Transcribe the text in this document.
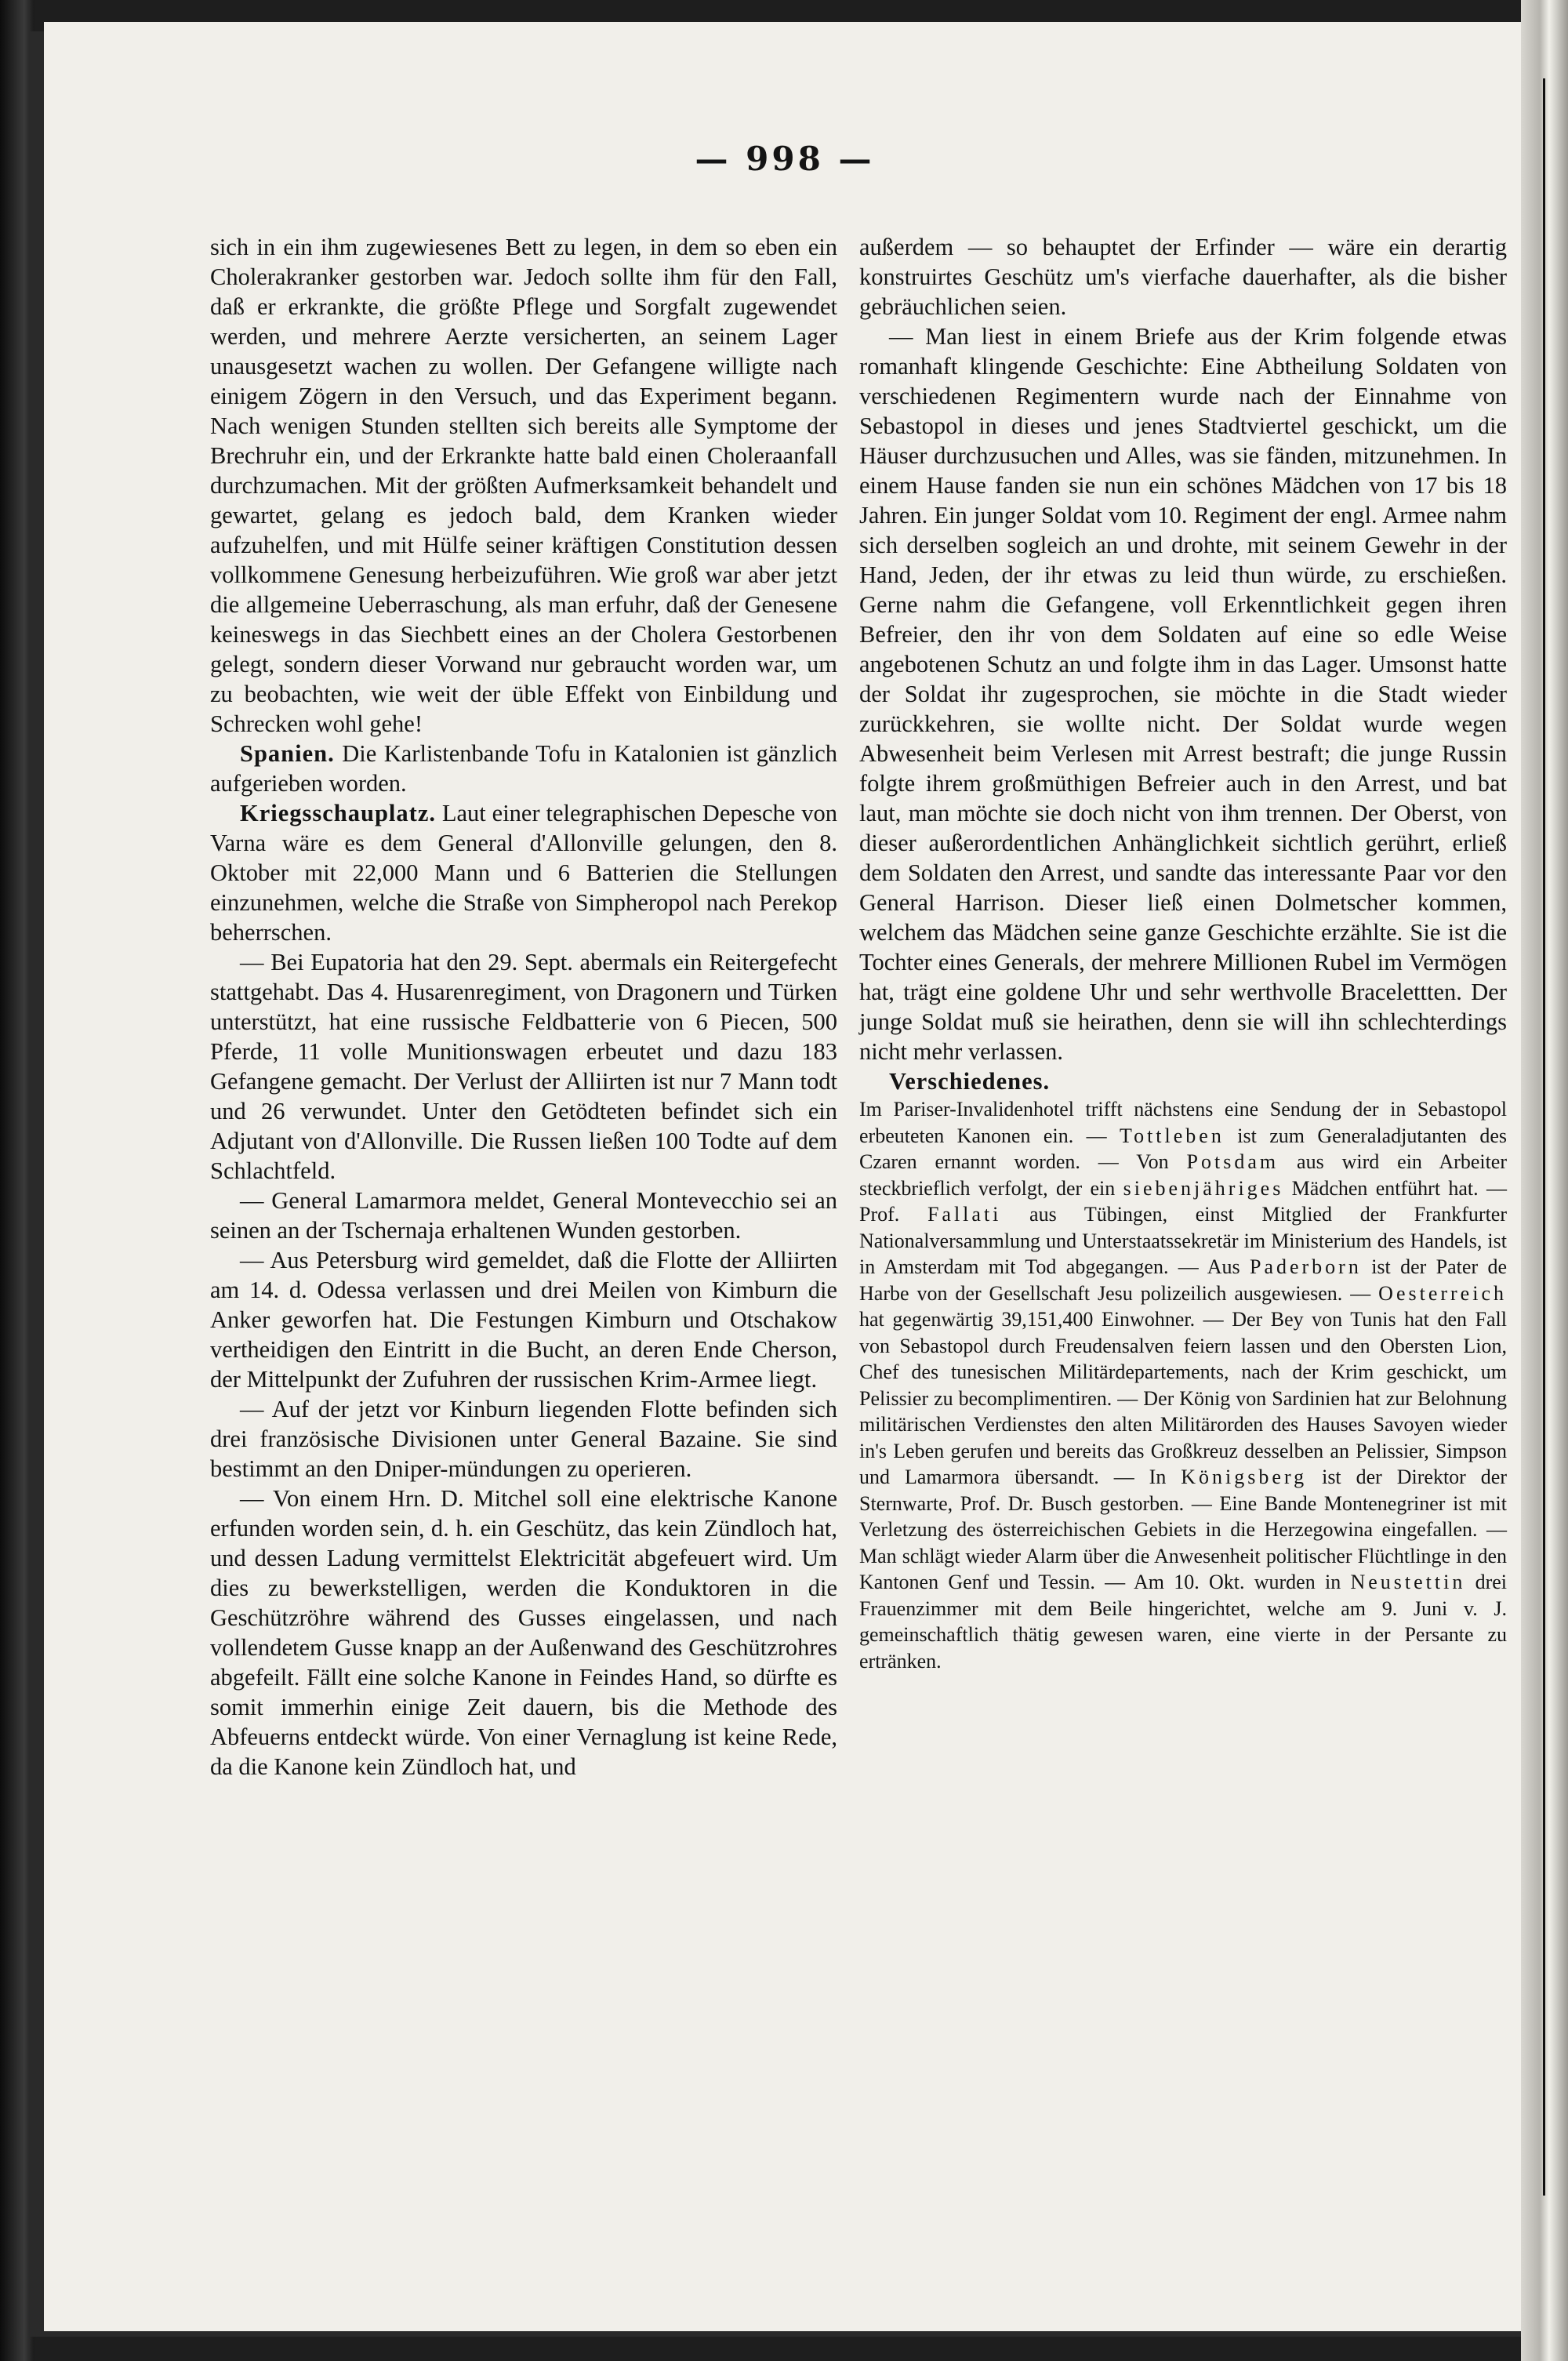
— 998 —

sich in ein ihm zugewiesenes Bett zu legen, in dem so eben ein Cholerakranker gestorben war. Jedoch sollte ihm für den Fall, daß er erkrankte, die größte Pflege und Sorgfalt zugewendet werden, und mehrere Aerzte versicherten, an seinem Lager unausgesetzt wachen zu wollen. Der Gefangene willigte nach einigem Zögern in den Versuch, und das Experiment begann. Nach wenigen Stunden stellten sich bereits alle Symptome der Brechruhr ein, und der Erkrankte hatte bald einen Choleraanfall durchzumachen. Mit der größten Aufmerksamkeit behandelt und gewartet, gelang es jedoch bald, dem Kranken wieder aufzuhelfen, und mit Hülfe seiner kräftigen Constitution dessen vollkommene Genesung herbeizuführen. Wie groß war aber jetzt die allgemeine Ueberraschung, als man erfuhr, daß der Genesene keineswegs in das Siechbett eines an der Cholera Gestorbenen gelegt, sondern dieser Vorwand nur gebraucht worden war, um zu beobachten, wie weit der üble Effekt von Einbildung und Schrecken wohl gehe!

Spanien. Die Karlistenbande Tofu in Katalonien ist gänzlich aufgerieben worden.

Kriegsschauplatz. Laut einer telegraphischen Depesche von Varna wäre es dem General d'Allonville gelungen, den 8. Oktober mit 22,000 Mann und 6 Batterien die Stellungen einzunehmen, welche die Straße von Simpheropol nach Perekop beherrschen.

— Bei Eupatoria hat den 29. Sept. abermals ein Reitergefecht stattgehabt. Das 4. Husarenregiment, von Dragonern und Türken unterstützt, hat eine russische Feldbatterie von 6 Piecen, 500 Pferde, 11 volle Munitionswagen erbeutet und dazu 183 Gefangene gemacht. Der Verlust der Alliirten ist nur 7 Mann todt und 26 verwundet. Unter den Getödteten befindet sich ein Adjutant von d'Allonville. Die Russen ließen 100 Todte auf dem Schlachtfeld.

— General Lamarmora meldet, General Montevecchio sei an seinen an der Tschernaja erhaltenen Wunden gestorben.

— Aus Petersburg wird gemeldet, daß die Flotte der Alliirten am 14. d. Odessa verlassen und drei Meilen von Kimburn die Anker geworfen hat. Die Festungen Kimburn und Otschakow vertheidigen den Eintritt in die Bucht, an deren Ende Cherson, der Mittelpunkt der Zufuhren der russischen Krim-Armee liegt.

— Auf der jetzt vor Kinburn liegenden Flotte befinden sich drei französische Divisionen unter General Bazaine. Sie sind bestimmt an den Dniper-mündungen zu operieren.

— Von einem Hrn. D. Mitchel soll eine elektrische Kanone erfunden worden sein, d. h. ein Geschütz, das kein Zündloch hat, und dessen Ladung vermittelst Elektricität abgefeuert wird. Um dies zu bewerkstelligen, werden die Konduktoren in die Geschützröhre während des Gusses eingelassen, und nach vollendetem Gusse knapp an der Außenwand des Geschützrohres abgefeilt. Fällt eine solche Kanone in Feindes Hand, so dürfte es somit immerhin einige Zeit dauern, bis die Methode des Abfeuerns entdeckt würde. Von einer Vernaglung ist keine Rede, da die Kanone kein Zündloch hat, und

außerdem — so behauptet der Erfinder — wäre ein derartig konstruirtes Geschütz um's vierfache dauerhafter, als die bisher gebräuchlichen seien.

— Man liest in einem Briefe aus der Krim folgende etwas romanhaft klingende Geschichte: Eine Abtheilung Soldaten von verschiedenen Regimentern wurde nach der Einnahme von Sebastopol in dieses und jenes Stadtviertel geschickt, um die Häuser durchzusuchen und Alles, was sie fänden, mitzunehmen. In einem Hause fanden sie nun ein schönes Mädchen von 17 bis 18 Jahren. Ein junger Soldat vom 10. Regiment der engl. Armee nahm sich derselben sogleich an und drohte, mit seinem Gewehr in der Hand, Jeden, der ihr etwas zu leid thun würde, zu erschießen. Gerne nahm die Gefangene, voll Erkenntlichkeit gegen ihren Befreier, den ihr von dem Soldaten auf eine so edle Weise angebotenen Schutz an und folgte ihm in das Lager. Umsonst hatte der Soldat ihr zugesprochen, sie möchte in die Stadt wieder zurückkehren, sie wollte nicht. Der Soldat wurde wegen Abwesenheit beim Verlesen mit Arrest bestraft; die junge Russin folgte ihrem großmüthigen Befreier auch in den Arrest, und bat laut, man möchte sie doch nicht von ihm trennen. Der Oberst, von dieser außerordentlichen Anhänglichkeit sichtlich gerührt, erließ dem Soldaten den Arrest, und sandte das interessante Paar vor den General Harrison. Dieser ließ einen Dolmetscher kommen, welchem das Mädchen seine ganze Geschichte erzählte. Sie ist die Tochter eines Generals, der mehrere Millionen Rubel im Vermögen hat, trägt eine goldene Uhr und sehr werthvolle Bracelettten. Der junge Soldat muß sie heirathen, denn sie will ihn schlechterdings nicht mehr verlassen.

Verschiedenes.

Im Pariser-Invalidenhotel trifft nächstens eine Sendung der in Sebastopol erbeuteten Kanonen ein. — Tottleben ist zum Generaladjutanten des Czaren ernannt worden. — Von Potsdam aus wird ein Arbeiter steckbrieflich verfolgt, der ein siebenjähriges Mädchen entführt hat. — Prof. Fallati aus Tübingen, einst Mitglied der Frankfurter Nationalversammlung und Unterstaatssekretär im Ministerium des Handels, ist in Amsterdam mit Tod abgegangen. — Aus Paderborn ist der Pater de Harbe von der Gesellschaft Jesu polizeilich ausgewiesen. — Oesterreich hat gegenwärtig 39,151,400 Einwohner. — Der Bey von Tunis hat den Fall von Sebastopol durch Freudensalven feiern lassen und den Obersten Lion, Chef des tunesischen Militärdepartements, nach der Krim geschickt, um Pelissier zu becomplimentiren. — Der König von Sardinien hat zur Belohnung militärischen Verdienstes den alten Militärorden des Hauses Savoyen wieder in's Leben gerufen und bereits das Großkreuz desselben an Pelissier, Simpson und Lamarmora übersandt. — In Königsberg ist der Direktor der Sternwarte, Prof. Dr. Busch gestorben. — Eine Bande Montenegriner ist mit Verletzung des österreichischen Gebiets in die Herzegowina eingefallen. — Man schlägt wieder Alarm über die Anwesenheit politischer Flüchtlinge in den Kantonen Genf und Tessin. — Am 10. Okt. wurden in Neustettin drei Frauenzimmer mit dem Beile hingerichtet, welche am 9. Juni v. J. gemeinschaftlich thätig gewesen waren, eine vierte in der Persante zu ertränken.
